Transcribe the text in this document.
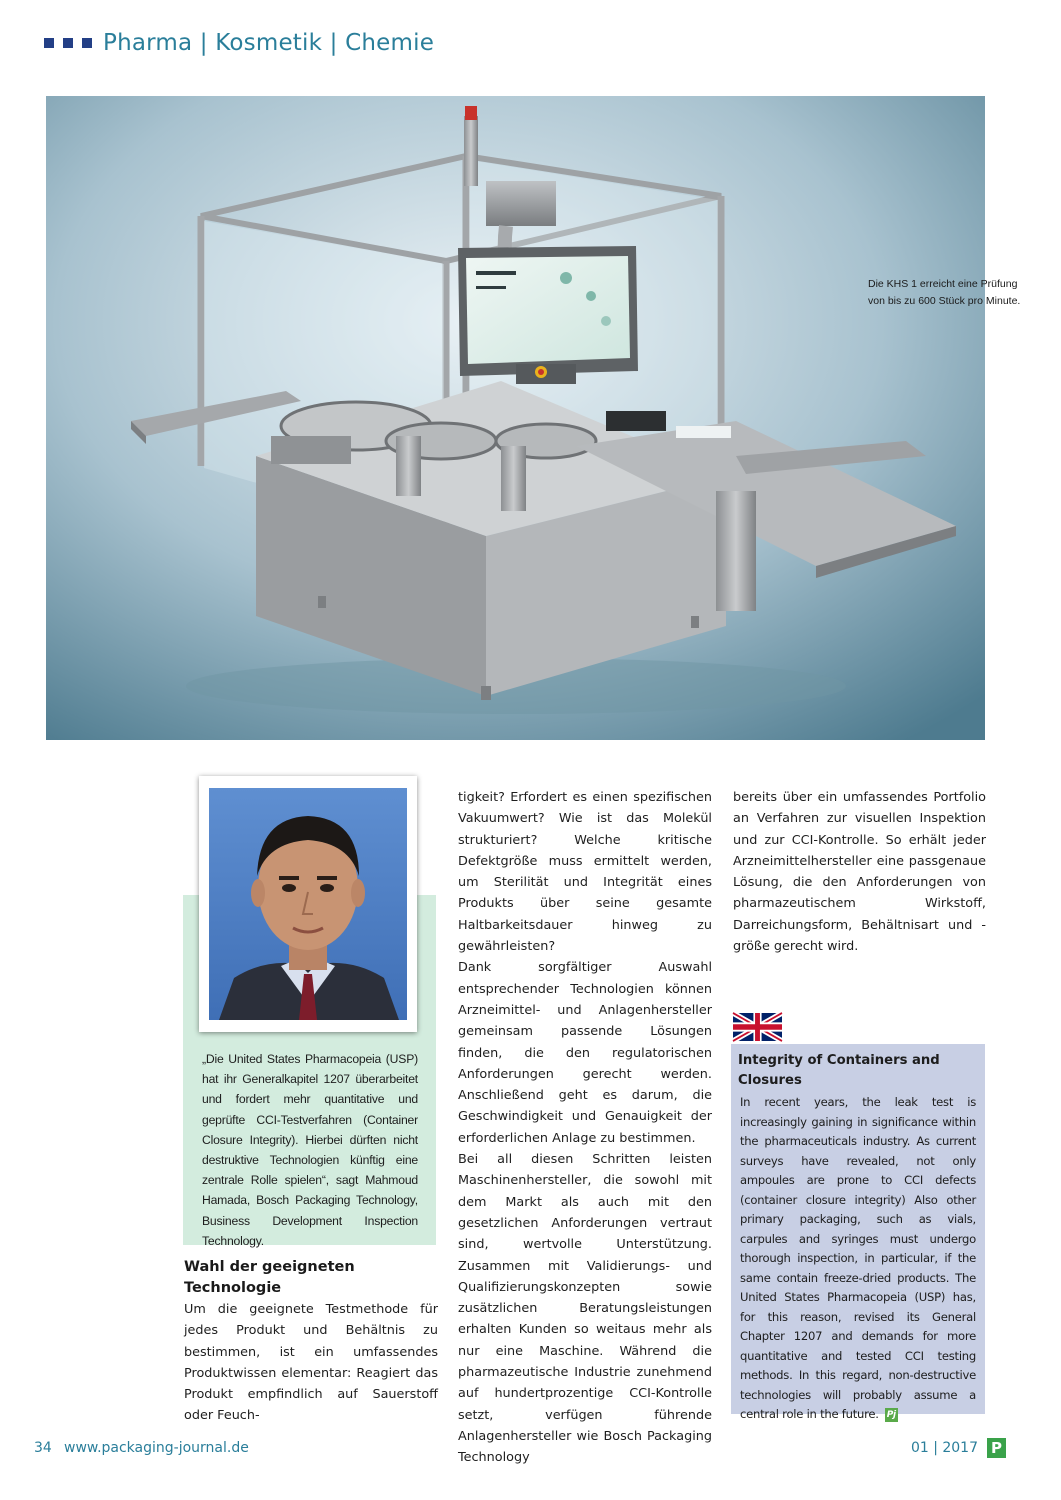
Pharma | Kosmetik | Chemie
Die KHS 1 erreicht eine Prüfung
von bis zu 600 Stück pro Minute.
„Die United States Pharmacopeia (USP) hat ihr Generalkapitel 1207 überarbeitet und fordert mehr quantitative und geprüfte CCI-Testverfahren (Container Closure Integrity). Hierbei dürften nicht destruktive Technologien künftig eine zentrale Rolle spielen“, sagt Mahmoud Hamada, Bosch Packaging Technology, Business Development Inspection Technology.
Wahl der geeigneten Technologie

Um die geeignete Testmethode für jedes Produkt und Behältnis zu bestimmen, ist ein umfassendes Produktwissen elementar: Reagiert das Produkt empfindlich auf Sauerstoff oder Feuch-

tigkeit? Erfordert es einen spezifischen Vakuumwert? Wie ist das Molekül strukturiert? Welche kritische Defektgröße muss ermittelt werden, um Sterilität und Integrität eines Produkts über seine gesamte Haltbarkeitsdauer hinweg zu gewährleisten?

Dank sorgfältiger Auswahl entsprechender Technologien können Arzneimittel- und Anlagenhersteller gemeinsam passende Lösungen finden, die den regulatorischen Anforderungen gerecht werden. Anschließend geht es darum, die Geschwindigkeit und Genauigkeit der erforderlichen Anlage zu bestimmen.

Bei all diesen Schritten leisten Maschinenhersteller, die sowohl mit dem Markt als auch mit den gesetzlichen Anforderungen vertraut sind, wertvolle Unterstützung. Zusammen mit Validierungs- und Qualifizierungskonzepten sowie zusätzlichen Beratungsleistungen erhalten Kunden so weitaus mehr als nur eine Maschine. Während die pharmazeutische Industrie zunehmend auf hundertprozentige CCI-Kontrolle setzt, verfügen führende Anlagenhersteller wie Bosch Packaging Technology

bereits über ein umfassendes Portfolio an Verfahren zur visuellen Inspektion und zur CCI-Kontrolle. So erhält jeder Arzneimittelhersteller eine passgenaue Lösung, die den Anforderungen von pharmazeutischem Wirkstoff, Darreichungsform, Behältnisart und -größe gerecht wird.

Integrity of Containers and Closures
In recent years, the leak test is increasingly gaining in significance within the pharmaceuticals industry. As current surveys have revealed, not only ampoules are prone to CCI defects (container closure integrity) Also other primary packaging, such as vials, carpules and syringes must undergo thorough inspection, in particular, if the same contain freeze-dried products. The United States Pharmacopeia (USP) has, for this reason, revised its General Chapter 1207 and demands for more quantitative and tested CCI testing methods. In this regard, non-destructive technologies will probably assume a central role in the future. Pj
34 www.packaging-journal.de	01 | 2017 P
